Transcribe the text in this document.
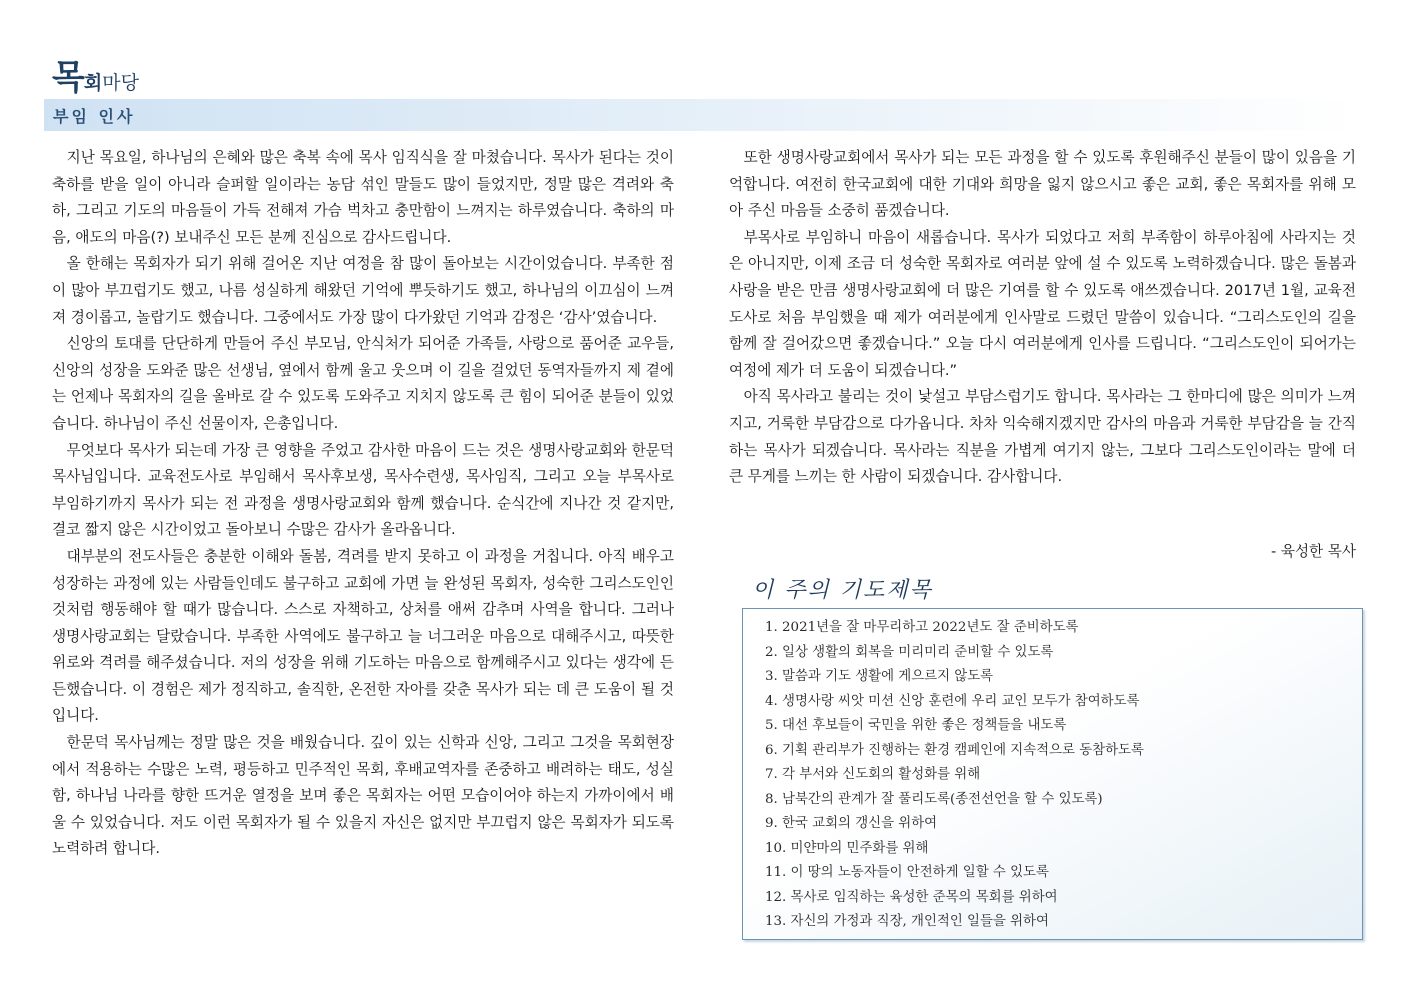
목회마당
부임 인사

지난 목요일, 하나님의 은혜와 많은 축복 속에 목사 임직식을 잘 마쳤습니다. 목사가 된다는 것이 축하를 받을 일이 아니라 슬퍼할 일이라는 농담 섞인 말들도 많이 들었지만, 정말 많은 격려와 축하, 그리고 기도의 마음들이 가득 전해져 가슴 벅차고 충만함이 느껴지는 하루였습니다. 축하의 마음, 애도의 마음(?) 보내주신 모든 분께 진심으로 감사드립니다.

올 한해는 목회자가 되기 위해 걸어온 지난 여정을 참 많이 돌아보는 시간이었습니다. 부족한 점이 많아 부끄럽기도 했고, 나름 성실하게 해왔던 기억에 뿌듯하기도 했고, 하나님의 이끄심이 느껴져 경이롭고, 놀랍기도 했습니다. 그중에서도 가장 많이 다가왔던 기억과 감정은 ‘감사’였습니다.

신앙의 토대를 단단하게 만들어 주신 부모님, 안식처가 되어준 가족들, 사랑으로 품어준 교우들, 신앙의 성장을 도와준 많은 선생님, 옆에서 함께 울고 웃으며 이 길을 걸었던 동역자들까지 제 곁에는 언제나 목회자의 길을 올바로 갈 수 있도록 도와주고 지치지 않도록 큰 힘이 되어준 분들이 있었습니다. 하나님이 주신 선물이자, 은총입니다.

무엇보다 목사가 되는데 가장 큰 영향을 주었고 감사한 마음이 드는 것은 생명사랑교회와 한문덕 목사님입니다. 교육전도사로 부임해서 목사후보생, 목사수련생, 목사임직, 그리고 오늘 부목사로 부임하기까지 목사가 되는 전 과정을 생명사랑교회와 함께 했습니다. 순식간에 지나간 것 같지만, 결코 짧지 않은 시간이었고 돌아보니 수많은 감사가 올라옵니다.

대부분의 전도사들은 충분한 이해와 돌봄, 격려를 받지 못하고 이 과정을 거칩니다. 아직 배우고 성장하는 과정에 있는 사람들인데도 불구하고 교회에 가면 늘 완성된 목회자, 성숙한 그리스도인인 것처럼 행동해야 할 때가 많습니다. 스스로 자책하고, 상처를 애써 감추며 사역을 합니다. 그러나 생명사랑교회는 달랐습니다. 부족한 사역에도 불구하고 늘 너그러운 마음으로 대해주시고, 따뜻한 위로와 격려를 해주셨습니다. 저의 성장을 위해 기도하는 마음으로 함께해주시고 있다는 생각에 든든했습니다. 이 경험은 제가 정직하고, 솔직한, 온전한 자아를 갖춘 목사가 되는 데 큰 도움이 될 것입니다.

한문덕 목사님께는 정말 많은 것을 배웠습니다. 깊이 있는 신학과 신앙, 그리고 그것을 목회현장에서 적용하는 수많은 노력, 평등하고 민주적인 목회, 후배교역자를 존중하고 배려하는 태도, 성실함, 하나님 나라를 향한 뜨거운 열정을 보며 좋은 목회자는 어떤 모습이어야 하는지 가까이에서 배울 수 있었습니다. 저도 이런 목회자가 될 수 있을지 자신은 없지만 부끄럽지 않은 목회자가 되도록 노력하려 합니다.

또한 생명사랑교회에서 목사가 되는 모든 과정을 할 수 있도록 후원해주신 분들이 많이 있음을 기억합니다. 여전히 한국교회에 대한 기대와 희망을 잃지 않으시고 좋은 교회, 좋은 목회자를 위해 모아 주신 마음들 소중히 품겠습니다.

부목사로 부임하니 마음이 새롭습니다. 목사가 되었다고 저희 부족함이 하루아침에 사라지는 것은 아니지만, 이제 조금 더 성숙한 목회자로 여러분 앞에 설 수 있도록 노력하겠습니다. 많은 돌봄과 사랑을 받은 만큼 생명사랑교회에 더 많은 기여를 할 수 있도록 애쓰겠습니다. 2017년 1월, 교육전도사로 처음 부임했을 때 제가 여러분에게 인사말로 드렸던 말씀이 있습니다. “그리스도인의 길을 함께 잘 걸어갔으면 좋겠습니다.” 오늘 다시 여러분에게 인사를 드립니다. “그리스도인이 되어가는 여정에 제가 더 도움이 되겠습니다.”

아직 목사라고 불리는 것이 낯설고 부담스럽기도 합니다. 목사라는 그 한마디에 많은 의미가 느껴지고, 거룩한 부담감으로 다가옵니다. 차차 익숙해지겠지만 감사의 마음과 거룩한 부담감을 늘 간직하는 목사가 되겠습니다. 목사라는 직분을 가볍게 여기지 않는, 그보다 그리스도인이라는 말에 더 큰 무게를 느끼는 한 사람이 되겠습니다. 감사합니다.

- 육성한 목사
이 주의 기도제목
1. 2021년을 잘 마무리하고 2022년도 잘 준비하도록
2. 일상 생활의 회복을 미리미리 준비할 수 있도록
3. 말씀과 기도 생활에 게으르지 않도록
4. 생명사랑 씨앗 미션 신앙 훈련에 우리 교인 모두가 참여하도록
5. 대선 후보들이 국민을 위한 좋은 정책들을 내도록
6. 기획 관리부가 진행하는 환경 캠페인에 지속적으로 동참하도록
7. 각 부서와 신도회의 활성화를 위해
8. 남북간의 관계가 잘 풀리도록(종전선언을 할 수 있도록)
9. 한국 교회의 갱신을 위하여
10. 미얀마의 민주화를 위해
11. 이 땅의 노동자들이 안전하게 일할 수 있도록
12. 목사로 임직하는 육성한 준목의 목회를 위하여
13. 자신의 가정과 직장, 개인적인 일들을 위하여
